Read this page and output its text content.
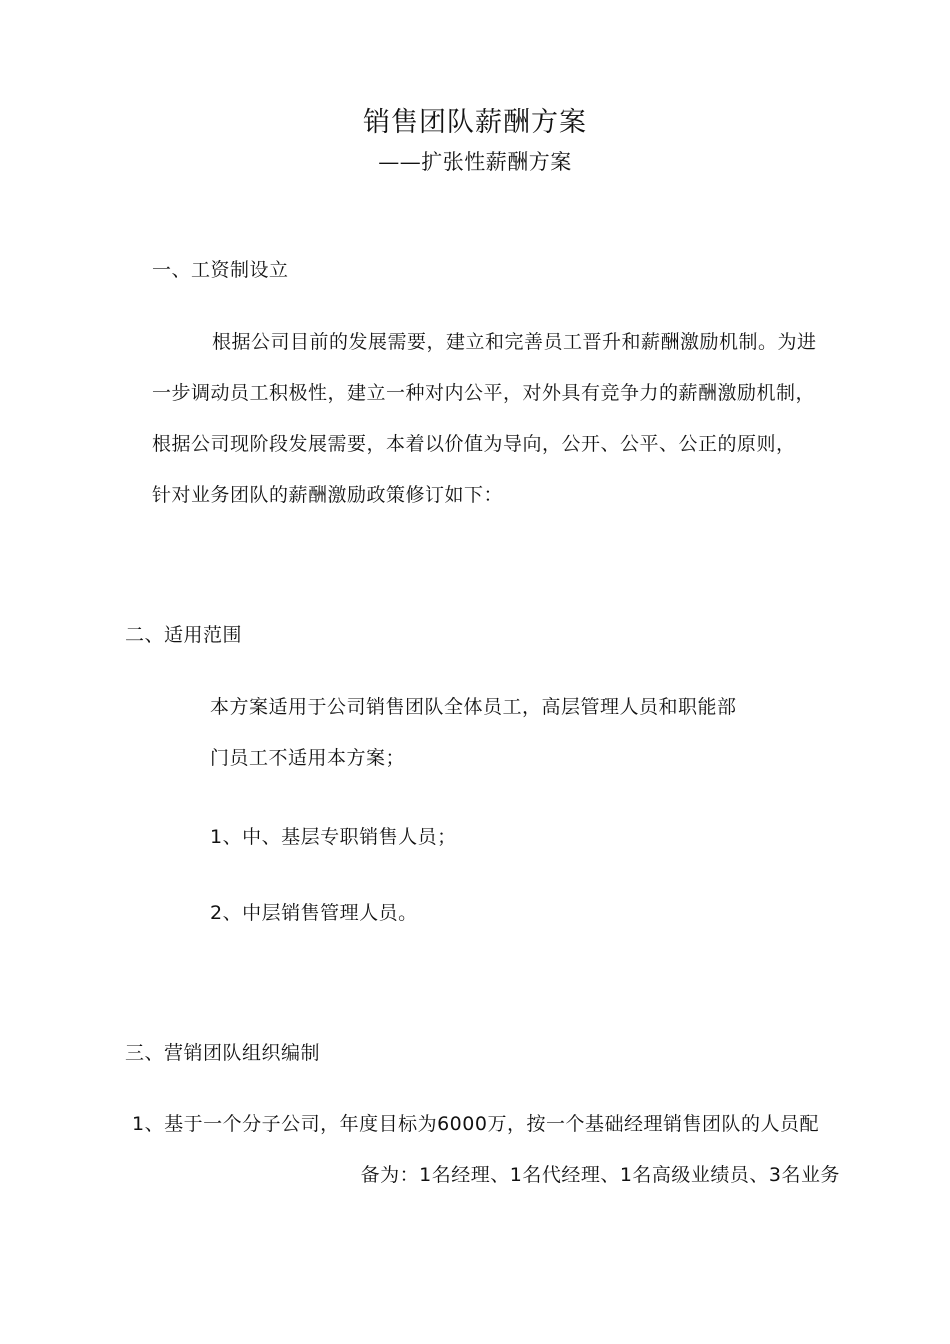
销售团队薪酬方案
——扩张性薪酬方案
一、工资制设立
根据公司目前的发展需要，建立和完善员工晋升和薪酬激励机制。为进
一步调动员工积极性，建立一种对内公平，对外具有竞争力的薪酬激励机制，
根据公司现阶段发展需要，本着以价值为导向，公开、公平、公正的原则，
针对业务团队的薪酬激励政策修订如下：
二、适用范围
本方案适用于公司销售团队全体员工，高层管理人员和职能部
门员工不适用本方案；
1、中、基层专职销售人员；
2、中层销售管理人员。
三、营销团队组织编制
1、基于一个分子公司，年度目标为6000万，按一个基础经理销售团队的人员配
备为：1名经理、1名代经理、1名高级业绩员、3名业务
